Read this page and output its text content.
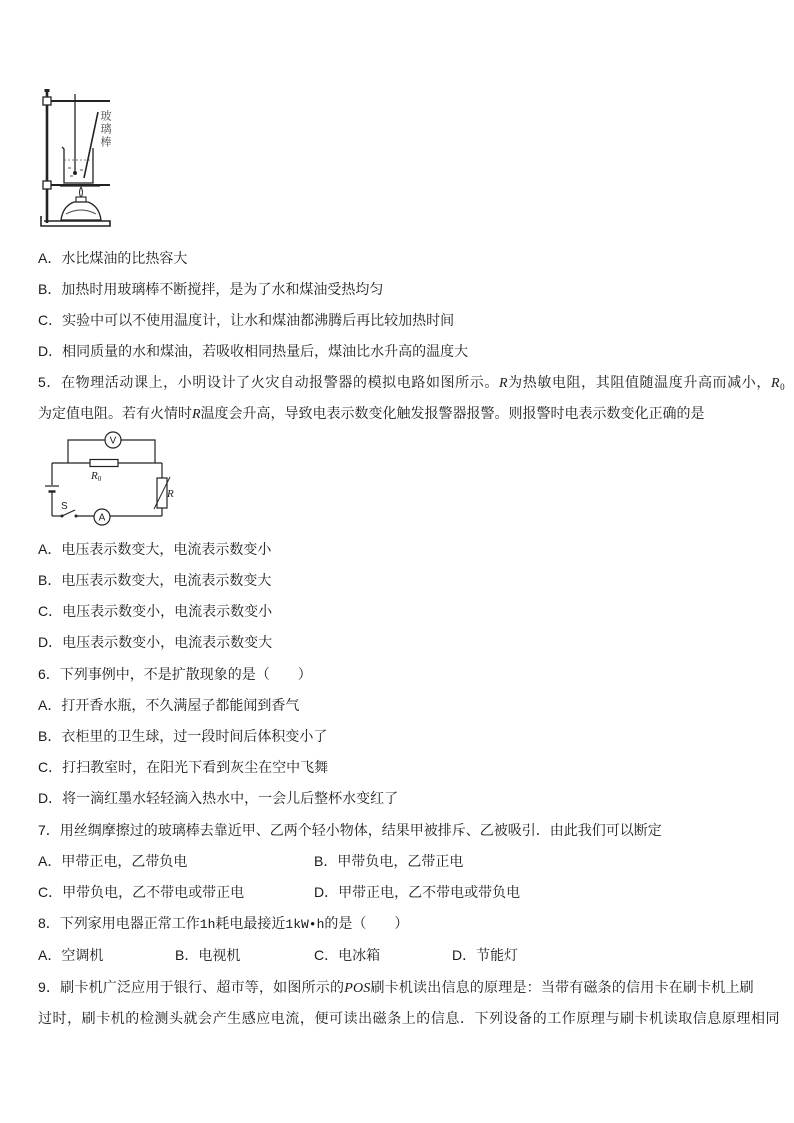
玻璃棒
A．水比煤油的比热容大
B．加热时用玻璃棒不断搅拌，是为了水和煤油受热均匀
C．实验中可以不使用温度计，让水和煤油都沸腾后再比较加热时间
D．相同质量的水和煤油，若吸收相同热量后，煤油比水升高的温度大
5．在物理活动课上，小明设计了火灾自动报警器的模拟电路如图所示。R为热敏电阻，其阻值随温度升高而减小，$R_0$
为定值电阻。若有火情时R温度会升高，导致电表示数变化触发报警器报警。则报警时电表示数变化正确的是
V
R0
S
A
R
A．电压表示数变大，电流表示数变小
B．电压表示数变大，电流表示数变大
C．电压表示数变小，电流表示数变小
D．电压表示数变小，电流表示数变大
6．下列事例中，不是扩散现象的是（　　）
A．打开香水瓶，不久满屋子都能闻到香气
B．衣柜里的卫生球，过一段时间后体积变小了
C．打扫教室时，在阳光下看到灰尘在空中飞舞
D．将一滴红墨水轻轻滴入热水中，一会儿后整杯水变红了
7．用丝绸摩擦过的玻璃棒去靠近甲、乙两个轻小物体，结果甲被排斥、乙被吸引．由此我们可以断定
A．甲带正电，乙带负电	B．甲带负电，乙带正电
C．甲带负电，乙不带电或带正电	D．甲带正电，乙不带电或带负电
8．下列家用电器正常工作1h耗电最接近1kW•h的是（　　）
A．空调机	B．电视机	C．电冰箱	D．节能灯
9．刷卡机广泛应用于银行、超市等，如图所示的POS刷卡机读出信息的原理是：当带有磁条的信用卡在刷卡机上刷
过时，刷卡机的检测头就会产生感应电流，便可读出磁条上的信息．下列设备的工作原理与刷卡机读取信息原理相同
